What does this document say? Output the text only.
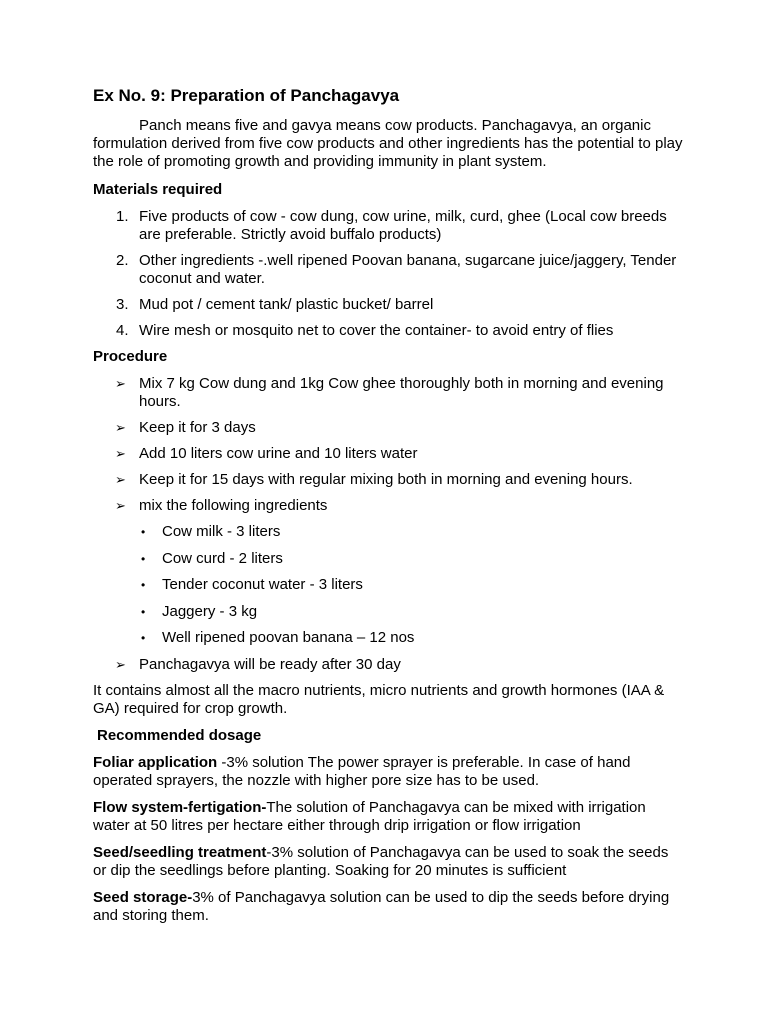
Ex No. 9: Preparation of Panchagavya

Panch means five and gavya means cow products. Panchagavya, an organic formulation derived from five cow products and other ingredients has the potential to play the role of promoting growth and providing immunity in plant system.

Materials required

1. Five products of cow - cow dung, cow urine, milk, curd, ghee (Local cow breeds are preferable. Strictly avoid buffalo products)
2. Other ingredients -.well ripened Poovan banana, sugarcane juice/jaggery, Tender coconut and water.
3. Mud pot / cement tank/ plastic bucket/ barrel
4. Wire mesh or mosquito net to cover the container- to avoid entry of flies

Procedure

➢ Mix 7 kg Cow dung and 1kg Cow ghee thoroughly both in morning and evening hours.
➢ Keep it for 3 days
➢ Add 10 liters cow urine and 10 liters water
➢ Keep it for 15 days with regular mixing both in morning and evening hours.
➢ mix the following ingredients
• Cow milk - 3 liters
• Cow curd - 2 liters
• Tender coconut water - 3 liters
• Jaggery - 3 kg
• Well ripened poovan banana – 12 nos
➢ Panchagavya will be ready after 30 day

It contains almost all the macro nutrients, micro nutrients and growth hormones (IAA & GA) required for crop growth.

Recommended dosage

Foliar application -3% solution The power sprayer is preferable. In case of hand operated sprayers, the nozzle with higher pore size has to be used.

Flow system-fertigation-The solution of Panchagavya can be mixed with irrigation water at 50 litres per hectare either through drip irrigation or flow irrigation

Seed/seedling treatment-3% solution of Panchagavya can be used to soak the seeds or dip the seedlings before planting. Soaking for 20 minutes is sufficient

Seed storage-3% of Panchagavya solution can be used to dip the seeds before drying and storing them.
